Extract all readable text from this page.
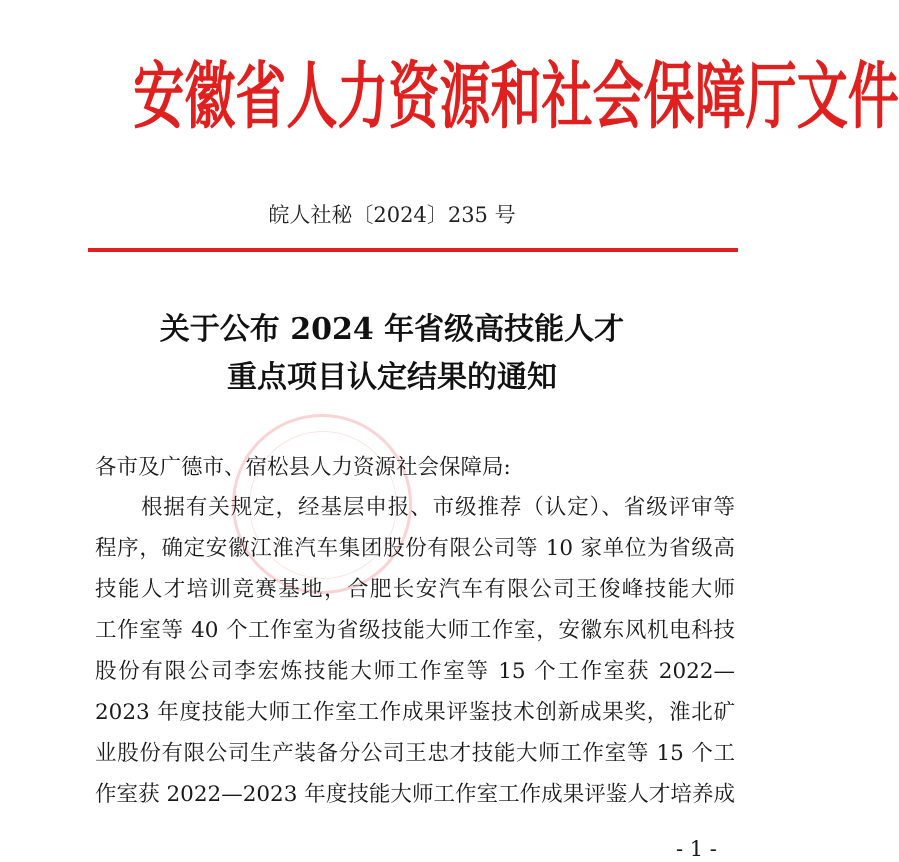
安徽省人力资源和社会保障厅文件
皖人社秘〔2024〕235 号
关于公布 2024 年省级高技能人才
重点项目认定结果的通知
各市及广德市、宿松县人力资源社会保障局:
根据有关规定，经基层申报、市级推荐（认定）、省级评审等
程序，确定安徽江淮汽车集团股份有限公司等 10 家单位为省级高
技能人才培训竞赛基地，合肥长安汽车有限公司王俊峰技能大师
工作室等 40 个工作室为省级技能大师工作室，安徽东风机电科技
股份有限公司李宏炼技能大师工作室等 15 个工作室获 2022—
2023 年度技能大师工作室工作成果评鉴技术创新成果奖，淮北矿
业股份有限公司生产装备分公司王忠才技能大师工作室等 15 个工
作室获 2022—2023 年度技能大师工作室工作成果评鉴人才培养成
- 1 -
